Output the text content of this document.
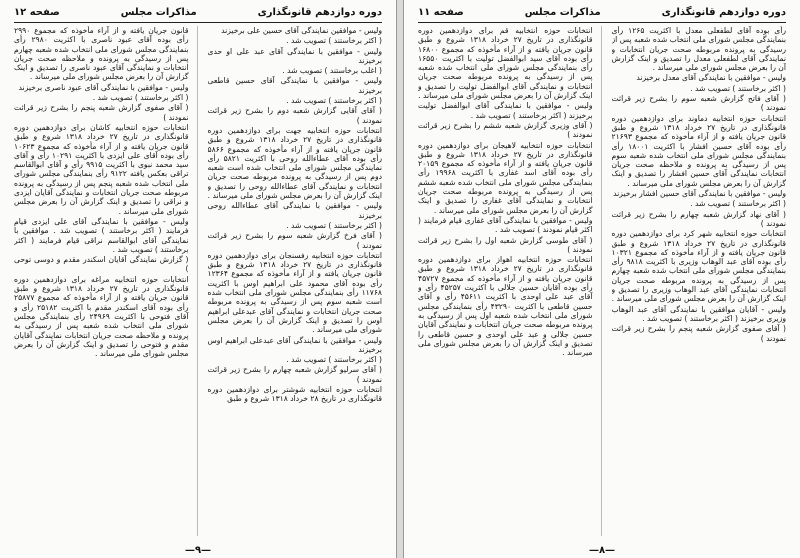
دوره دوازدهم قانونگذاری
مذاکرات مجلس
صفحه ۱۲

ولیس - موافقین نمایندگی آقای حسین علی برخیزند

( اکثر برخاستند ) تصویب شد .

ولیس - موافقین با نمایندگی آقای عبد علی او حدی برخیزند

( اغلب برخاستند ) تصویب شد .

ولیس - موافقین با نمایندگی آقای حسین قاطعی برخیزند

( اکثر برخاستند ) تصویب شد .

( آقای آقایی گزارش شعبه دوم را بشرح زیر قرائت نمودند )

انتخابات حوزه انتخابیه جهت برای دوازدهمین دوره قانونگذاری در تاریخ ۲۷ خرداد ۱۳۱۸ شروع و طبق قانون جریان یافته و از آراء مأخوذه که مجموع ۵۸۶۶ رأی بوده آقای عطاءالله روحی با اکثریت ۵۸۲۱ رأی نمایندگی مجلس شورای ملی انتخاب شده است شعبه دوم پس از رسیدگی به پرونده مربوطه صحت جریان انتخابات و نمایندگی آقای عطاءالله روحی را تصدیق و اینک گزارش آن را بعرض مجلس شورای ملی میرساند .

ولیس - موافقین با نمایندگی آقای عطاءالله روحی برخیزند

( اکثر برخاستند ) تصویب شد .

( آقای فرخ گزارش شعبه سوم را بشرح زیر قرائت نمودند )

انتخابات حوزه انتخابیه رفسنجان برای دوازدهمین دوره قانونگذاری در تاریخ ۲۷ خرداد ۱۳۱۸ شروع و طبق قانون جریان یافته و از آراء مأخوذه که مجموع ۱۲۳۶۴ رأی بوده آقای محمود علی ابراهیم اوس با اکثریت ۱۱۷۶۸ رأی بنمایندگی مجلس شورای ملی انتخاب شده است شعبه سوم پس از رسیدگی به پرونده مربوطه صحت جریان انتخابات و نمایندگی آقای عبدعلی ابراهیم اوس را تصدیق و اینک گزارش آن را بعرض مجلس شورای ملی میرساند .

ولیس - موافقین با نمایندگی آقای عبدعلی ابراهیم اوس برخیزند

( اکثر برخاستند ) تصویب شد .

( آقای سرلیو گزارش شعبه چهارم را بشرح زیر قرائت نمودند )

انتخابات حوزه انتخابیه شوشتر برای دوازدهمین دوره قانونگذاری در تاریخ ۲۸ خرداد ۱۳۱۸ شروع و طبق

قانون جریان یافته و از آراء مأخوذه که مجموع ۲۹۹۰ رأی بوده آقای عبود ناصری با اکثریت ۲۹۸۰ رأی بنمایندگی مجلس شورای ملی انتخاب شده شعبه چهارم پس از رسیدگی به پرونده و ملاحظه صحت جریان انتخابات و نمایندگی آقای عبود ناصری را تصدیق و اینک گزارش آن را بعرض مجلس شورای ملی میرساند .

ولیس - موافقین با نمایندگی آقای عبود ناصری برخیزند

( اکثر برخاستند ) تصویب شد .

( آقای صفوی گزارش شعبه پنجم را بشرح زیر قرائت نمودند )

انتخابات حوزه انتخابیه کاشان برای دوازدهمین دوره قانونگذاری در تاریخ ۲۷ خرداد ۱۳۱۸ شروع و طبق قانون جریان یافته و از آراء مأخوذه که مجموع ۱۰۶۲۳ رأی بوده آقای علی ایزدی با اکثریت ۱۰۲۹۱ رأی و آقای سید محمد نبوی با اکثریت ۹۹۱۵ رأی و آقای ابوالقاسم تراقی بعکس یافته ۹۱۲۲ رأی بنمایندگی مجلس شورای ملی انتخاب شده شعبه پنجم پس از رسیدگی به پرونده مربوطه صحت جریان انتخابات و نمایندگی آقایان ایزدی و نراقی را تصدیق و اینک گزارش آن را بعرض مجلس شورای ملی میرساند .

ولیس - موافقین با نمایندگی آقای علی ایزدی قیام فرمایند ( اکثر برخاستند ) تصویب شد . موافقین با نمایندگی آقای ابوالقاسم نراقی قیام فرمایند ( اکثر برخاستند ) تصویب شد .

( گزارش نمایندگی آقایان اسکندر مقدم و دوسی توحی )

انتخابات حوزه انتخابیه مراغه برای دوازدهمین دوره قانونگذاری در تاریخ ۲۷ خرداد ۱۳۱۸ شروع و طبق قانون جریان یافته و از آراء مأخوذه که مجموع ۲۵۸۷۷ رأی بوده آقای اسکندر مقدم با اکثریت ۲۵۱۸۲ رأی و آقای فتوحی با اکثریت ۲۴۹۶۹ رأی بنمایندگی مجلس شورای ملی انتخاب شده شعبه پس از رسیدگی به پرونده و ملاحظه صحت جریان انتخابات نمایندگی آقایان مقدم و فتوحی را تصدیق و اینک گزارش آن را بعرض مجلس شورای ملی میرساند .

—۹—
دوره دوازدهم قانونگذاری
مذاکرات مجلس
صفحه ۱۱

رأی بوده آقای لطفعلی معدل با اکثریت ۱۲۶۵ رأی بنمایندگی مجلس شورای ملی انتخاب شده شعبه پس از رسیدگی به پرونده مربوطه صحت جریان انتخابات و نمایندگی آقای لطفعلی معدل را تصدیق و اینک گزارش آن را بعرض مجلس شورای ملی میرساند .

ولیس - موافقین با نمایندگی آقای معدل برخیزند

( اکثر برخاستند ) تصویب شد .

( آقای فاتح گزارش شعبه سوم را بشرح زیر قرائت نمودند )

انتخابات حوزه انتخابیه دماوند برای دوازدهمین دوره قانونگذاری در تاریخ ۲۷ خرداد ۱۳۱۸ شروع و طبق قانون جریان یافته و از آراء مأخوذه که مجموع ۲۱۶۹۳ رأی بوده آقای حسین افشار با اکثریت ۱۸۰۰۱ رأی بنمایندگی مجلس شورای ملی انتخاب شده شعبه سوم پس از رسیدگی به پرونده و ملاحظه صحت جریان انتخابات نمایندگی آقای حسین افشار را تصدیق و اینک گزارش آن را بعرض مجلس شورای ملی میرساند .

ولیس - موافقین با نمایندگی آقای حسین افشار برخیزند

( اکثر برخاستند ) تصویب شد .

( آقای نهاد گزارش شعبه چهارم را بشرح زیر قرائت نمودند )

انتخابات حوزه انتخابیه شهر کرد برای دوازدهمین دوره قانونگذاری در تاریخ ۲۷ خرداد ۱۳۱۸ شروع و طبق قانون جریان یافته و از آراء مأخوذه که مجموع ۱۰۳۲۱ رأی بوده آقای عبد الوهاب وزیری با اکثریت ۹۸۱۸ رأی بنمایندگی مجلس شورای ملی انتخاب شده شعبه چهارم پس از رسیدگی به پرونده مربوطه صحت جریان انتخابات نمایندگی آقای عبد الوهاب وزیری را تصدیق و اینک گزارش آن را بعرض مجلس شورای ملی میرساند .

ولیس - آقایان موافقین با نمایندگی آقای عبد الوهاب وزیری برخیزند ( اکثر برخاستند ) تصویب شد .

( آقای صفوی گزارش شعبه پنجم را بشرح زیر قرائت نمودند )

انتخابات حوزه انتخابیه قم برای دوازدهمین دوره قانونگذاری در تاریخ ۲۷ خرداد ۱۳۱۸ شروع و طبق قانون جریان یافته و از آراء مأخوذه که مجموع ۱۶۸۰۰ رأی بوده آقای سید ابوالفضل تولیت با اکثریت ۱۶۵۵۰ رأی بنمایندگی مجلس شورای ملی انتخاب شده شعبه پس از رسیدگی به پرونده مربوطه صحت جریان انتخابات و نمایندگی آقای ابوالفضل تولیت را تصدیق و اینک گزارش آن را بعرض مجلس شورای ملی میرساند .

ولیس - موافقین با نمایندگی آقای ابوالفضل تولیت برخیزند ( اکثر برخاستند ) تصویب شد .

( آقای وزیری گزارش شعبه ششم را بشرح زیر قرائت نمودند )

انتخابات حوزه انتخابیه لاهیجان برای دوازدهمین دوره قانونگذاری در تاریخ ۲۷ خرداد ۱۳۱۸ شروع و طبق قانون جریان یافته و از آراء مأخوذه که مجموع ۲۰۱۵۹ رأی بوده آقای اسد غفاری با اکثریت ۱۹۹۶۸ رأی بنمایندگی مجلس شورای ملی انتخاب شده شعبه ششم پس از رسیدگی به پرونده مربوطه صحت جریان انتخابات و نمایندگی آقای غفاری را تصدیق و اینک گزارش آن را بعرض مجلس شورای ملی میرساند .

ولیس - موافقین با نمایندگی آقای غفاری قیام فرمایند ( اکثر قیام نمودند ) تصویب شد .

( آقای طوسی گزارش شعبه اول را بشرح زیر قرائت نمودند )

انتخابات حوزه انتخابیه اهواز برای دوازدهمین دوره قانونگذاری در تاریخ ۲۷ خرداد ۱۳۱۸ شروع و طبق قانون جریان یافته و از آراء مأخوذه که مجموع ۴۵۷۲۷ رأی بوده آقایان حسین جلالی با اکثریت ۴۵۲۵۷ رأی و آقای عبد علی اوحدی با اکثریت ۴۵۶۱۱ رأی و آقای حسین قاطعی با اکثریت ۴۳۲۹۰ رأی بنمایندگی مجلس شورای ملی انتخاب شده شعبه اول پس از رسیدگی به پرونده مربوطه صحت جریان انتخابات و نمایندگی آقایان حسین جلالی و عبد علی اوحدی و حسین قاطعی را تصدیق و اینک گزارش آن را بعرض مجلس شورای ملی میرساند .

—۸—
